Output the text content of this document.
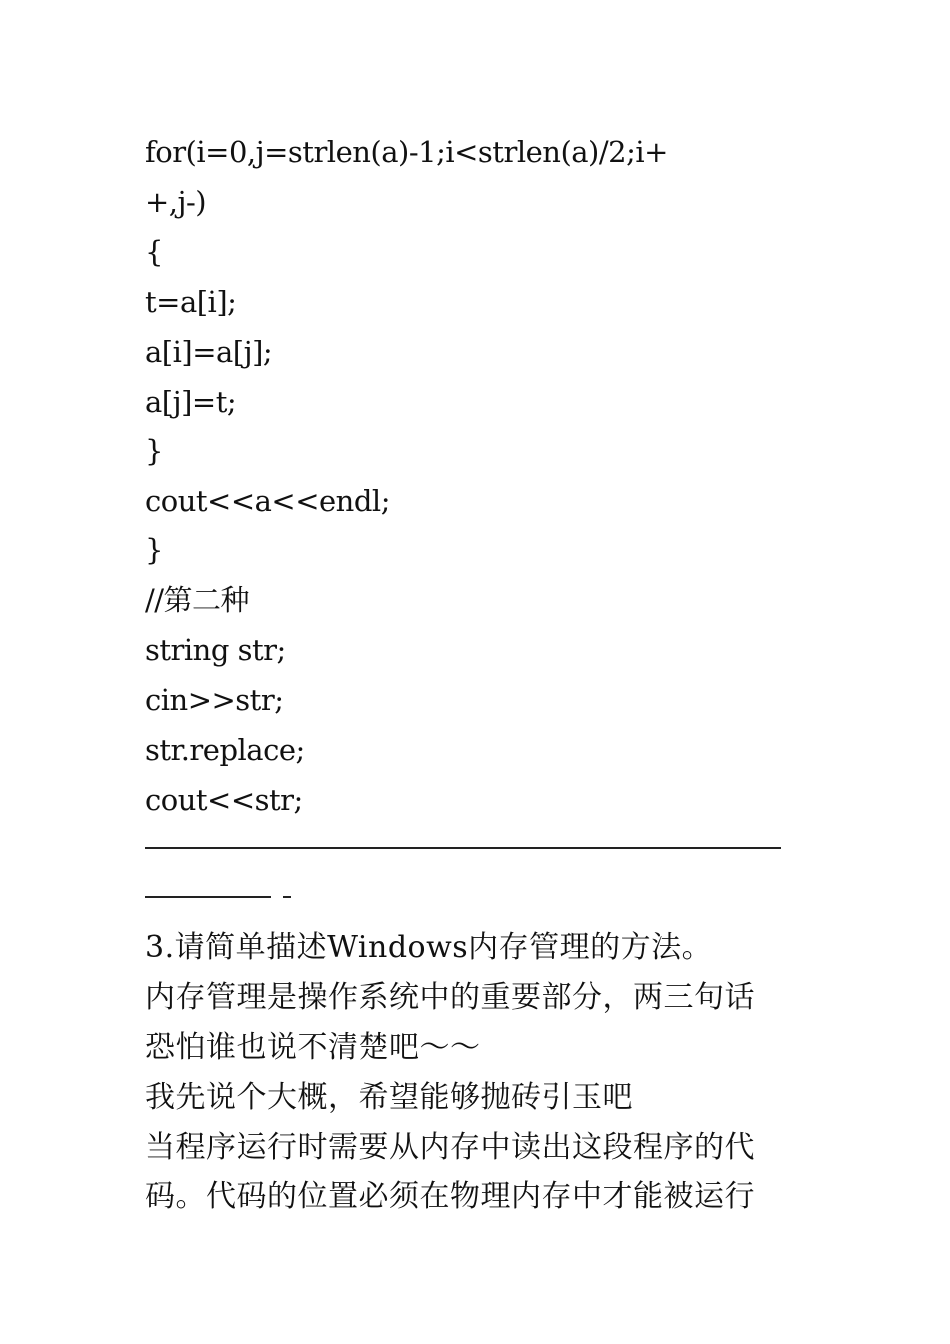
for(i=0,j=strlen(a)-1;i<strlen(a)/2;i+
+,j-)
{
t=a[i];
a[i]=a[j];
a[j]=t;
}
cout<<a<<endl;
}
//第二种
string str;
cin>>str;
str.replace;
cout<<str;
3.请简单描述Windows内存管理的方法。
内存管理是操作系统中的重要部分，两三句话
恐怕谁也说不清楚吧～～
我先说个大概，希望能够抛砖引玉吧
当程序运行时需要从内存中读出这段程序的代
码。代码的位置必须在物理内存中才能被运行
